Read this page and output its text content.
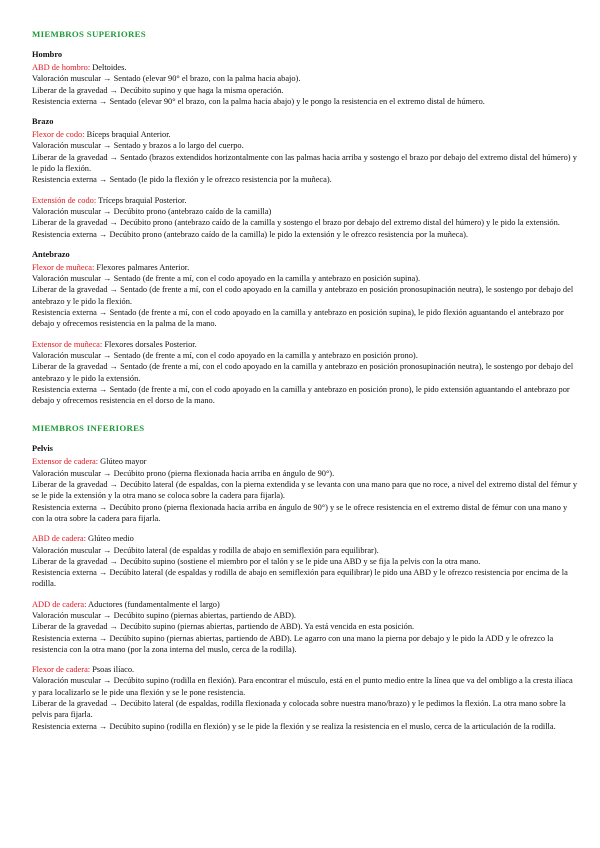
MIEMBROS SUPERIORES
Hombro
ABD de hombro: Deltoides.
Valoración muscular → Sentado (elevar 90° el brazo, con la palma hacia abajo).
Liberar de la gravedad → Decúbito supino y que haga la misma operación.
Resistencia externa → Sentado (elevar 90° el brazo, con la palma hacia abajo) y le pongo la resistencia en el extremo distal de húmero.
Brazo
Flexor de codo: Bíceps braquial Anterior.
Valoración muscular → Sentado y brazos a lo largo del cuerpo.
Liberar de la gravedad → Sentado (brazos extendidos horizontalmente con las palmas hacia arriba y sostengo el brazo por debajo del extremo distal del húmero) y le pido la flexión.
Resistencia externa → Sentado (le pido la flexión y le ofrezco resistencia por la muñeca).
Extensión de codo: Tríceps braquial Posterior.
Valoración muscular → Decúbito prono (antebrazo caído de la camilla)
Liberar de la gravedad → Decúbito prono (antebrazo caído de la camilla y sostengo el brazo por debajo del extremo distal del húmero) y le pido la extensión.
Resistencia externa → Decúbito prono (antebrazo caído de la camilla) le pido la extensión y le ofrezco resistencia por la muñeca).
Antebrazo
Flexor de muñeca: Flexores palmares Anterior.
Valoración muscular → Sentado (de frente a mí, con el codo apoyado en la camilla y antebrazo en posición supina).
Liberar de la gravedad → Sentado (de frente a mí, con el codo apoyado en la camilla y antebrazo en posición pronosupinación neutra), le sostengo por debajo del antebrazo y le pido la flexión.
Resistencia externa → Sentado (de frente a mí, con el codo apoyado en la camilla y antebrazo en posición supina), le pido flexión aguantando el antebrazo por debajo y ofrecemos resistencia en la palma de la mano.
Extensor de muñeca: Flexores dorsales Posterior.
Valoración muscular → Sentado (de frente a mí, con el codo apoyado en la camilla y antebrazo en posición prono).
Liberar de la gravedad → Sentado (de frente a mí, con el codo apoyado en la camilla y antebrazo en posición pronosupinación neutra), le sostengo por debajo del antebrazo y le pido la extensión.
Resistencia externa → Sentado (de frente a mí, con el codo apoyado en la camilla y antebrazo en posición prono), le pido extensión aguantando el antebrazo por debajo y ofrecemos resistencia en el dorso de la mano.
MIEMBROS INFERIORES
Pelvis
Extensor de cadera: Glúteo mayor
Valoración muscular → Decúbito prono (pierna flexionada hacia arriba en ángulo de 90°).
Liberar de la gravedad → Decúbito lateral (de espaldas, con la pierna extendida y se levanta con una mano para que no roce, a nivel del extremo distal del fémur y se le pide la extensión y la otra mano se coloca sobre la cadera para fijarla).
Resistencia externa → Decúbito prono (pierna flexionada hacia arriba en ángulo de 90°) y se le ofrece resistencia en el extremo distal de fémur con una mano y con la otra sobre la cadera para fijarla.
ABD de cadera: Glúteo medio
Valoración muscular → Decúbito lateral (de espaldas y rodilla de abajo en semiflexión para equilibrar).
Liberar de la gravedad → Decúbito supino (sostiene el miembro por el talón y se le pide una ABD y se fija la pelvis con la otra mano.
Resistencia externa → Decúbito lateral (de espaldas y rodilla de abajo en semiflexión para equilibrar) le pido una ABD y le ofrezco resistencia por encima de la rodilla.
ADD de cadera: Aductores (fundamentalmente el largo)
Valoración muscular → Decúbito supino (piernas abiertas, partiendo de ABD).
Liberar de la gravedad → Decúbito supino (piernas abiertas, partiendo de ABD). Ya está vencida en esta posición.
Resistencia externa → Decúbito supino (piernas abiertas, partiendo de ABD). Le agarro con una mano la pierna por debajo y le pido la ADD y le ofrezco la resistencia con la otra mano (por la zona interna del muslo, cerca de la rodilla).
Flexor de cadera: Psoas ilíaco.
Valoración muscular → Decúbito supino (rodilla en flexión). Para encontrar el músculo, está en el punto medio entre la línea que va del ombligo a la cresta ilíaca y para localizarlo se le pide una flexión y se le pone resistencia.
Liberar de la gravedad → Decúbito lateral (de espaldas, rodilla flexionada y colocada sobre nuestra mano/brazo) y le pedimos la flexión. La otra mano sobre la pelvis para fijarla.
Resistencia externa → Decúbito supino (rodilla en flexión) y se le pide la flexión y se realiza la resistencia en el muslo, cerca de la articulación de la rodilla.
